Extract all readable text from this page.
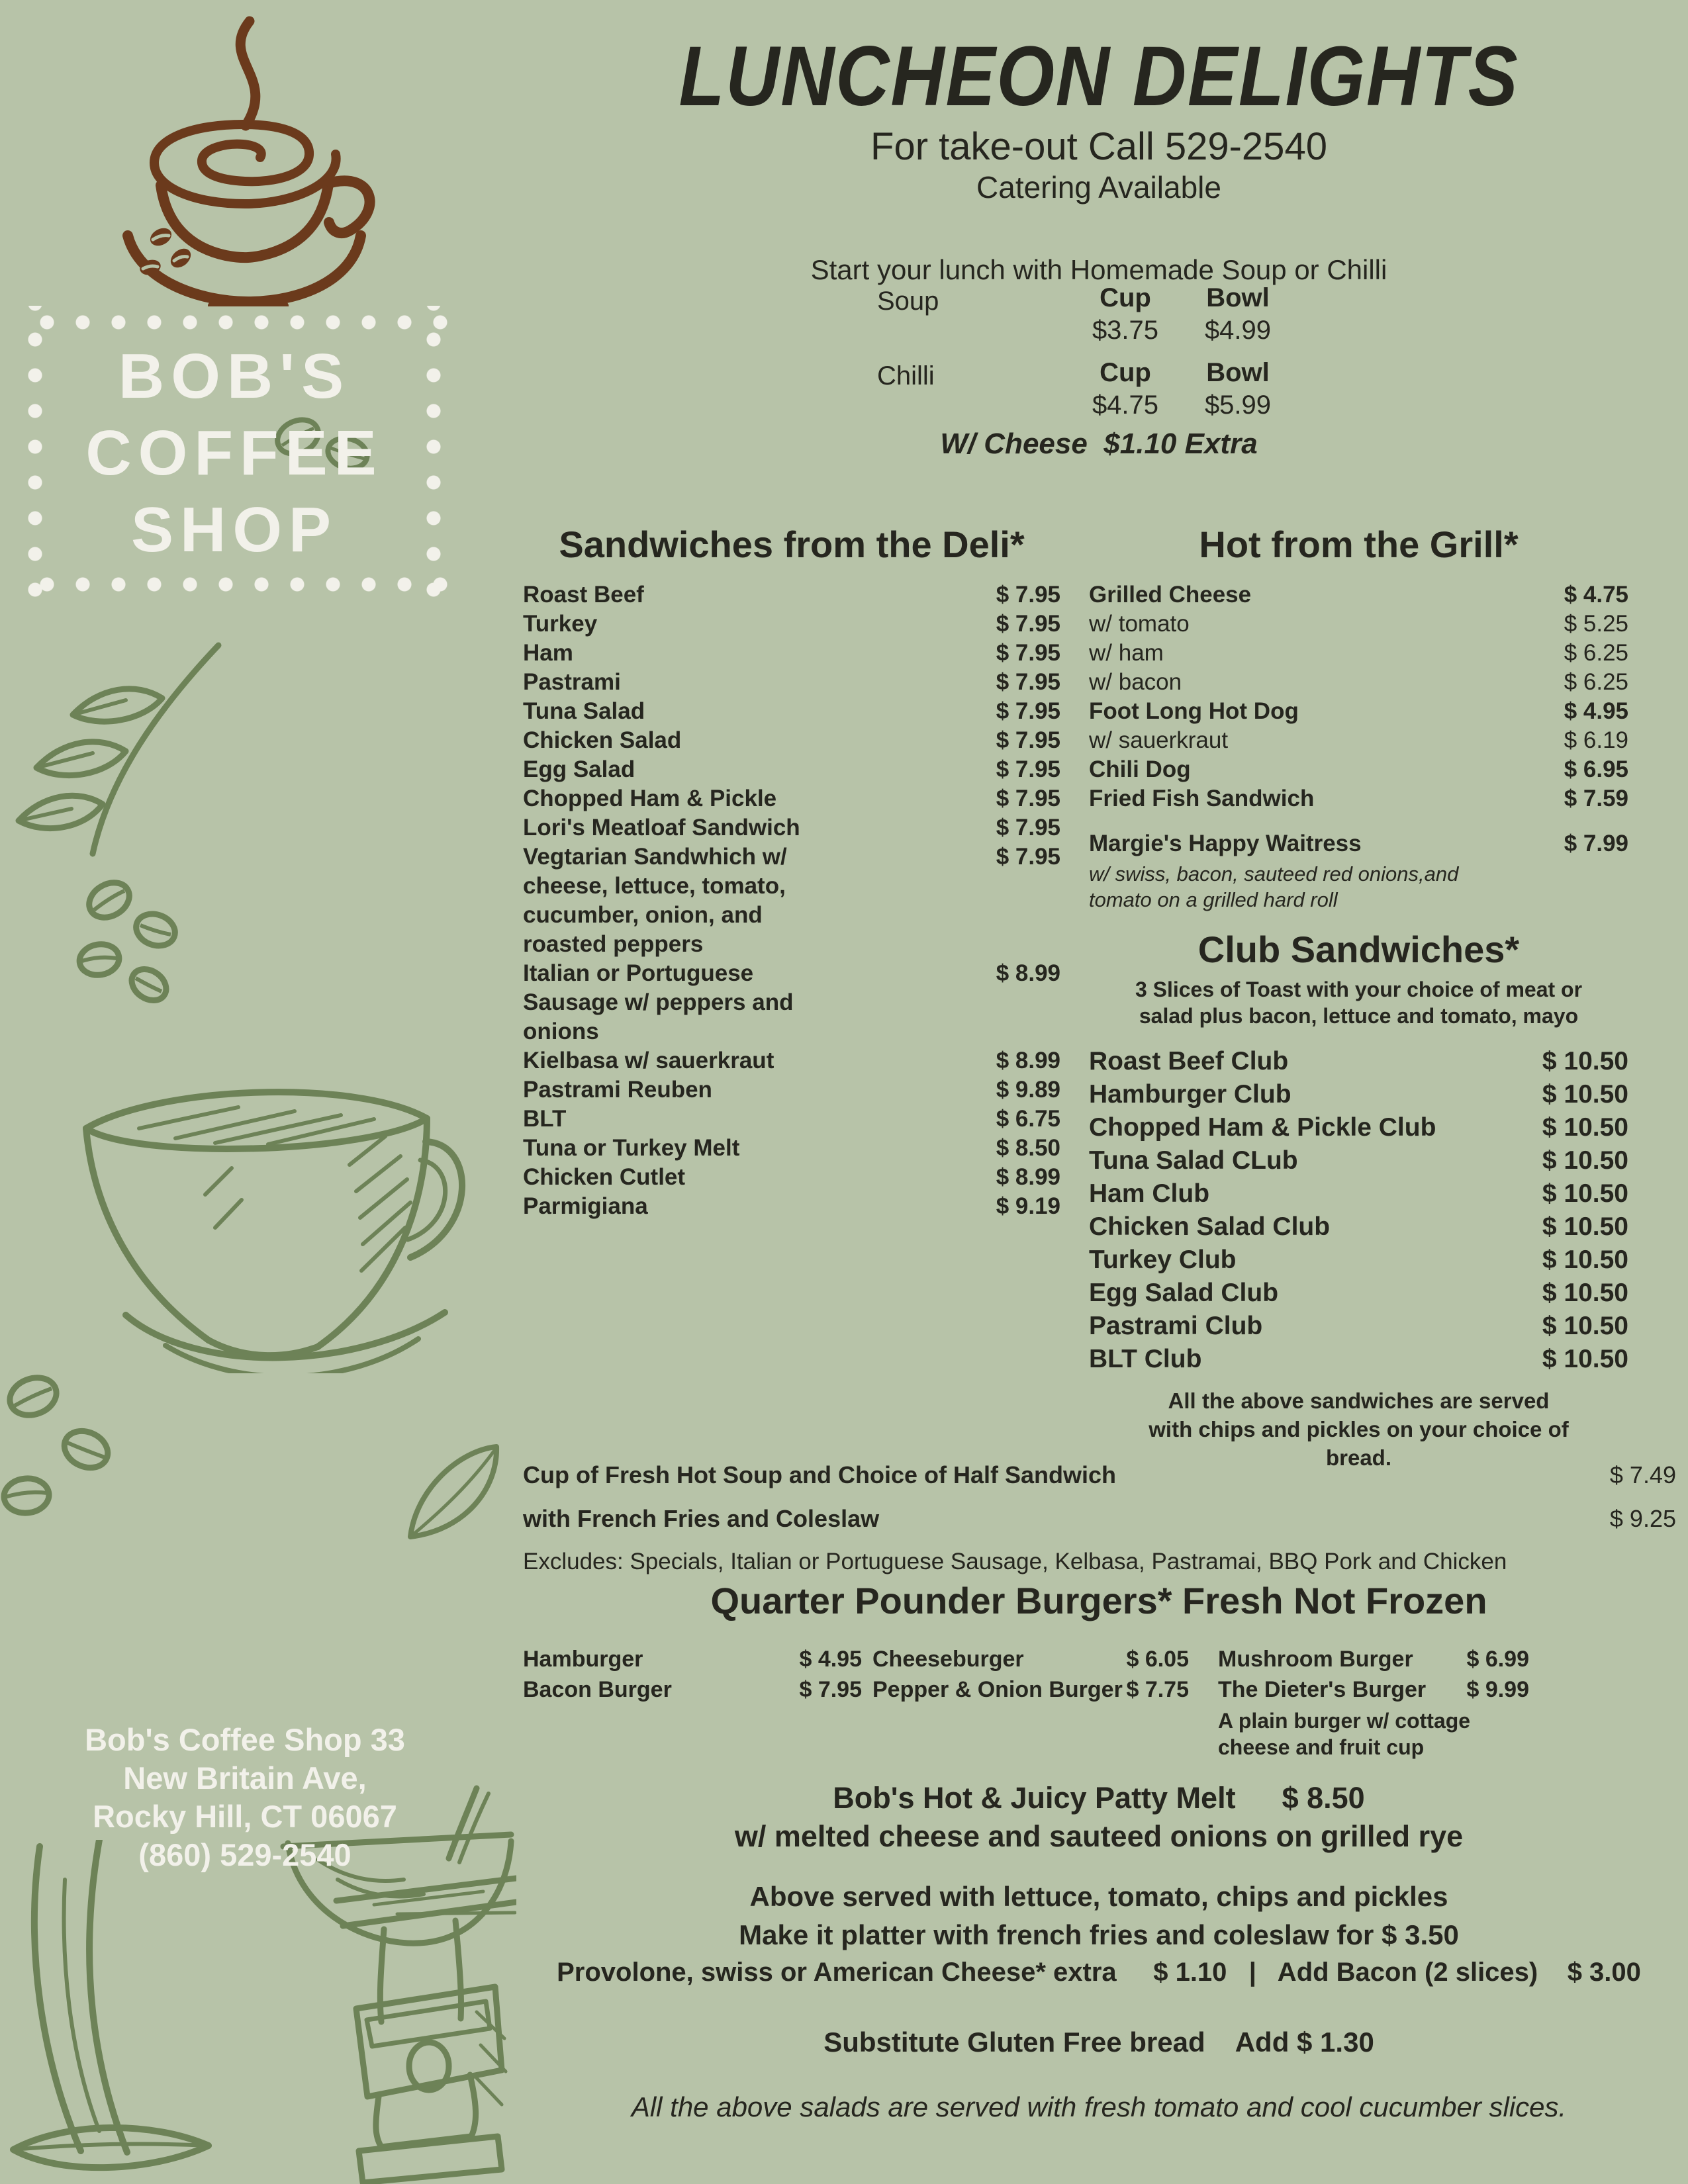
BOB'S
COFFEE
SHOP
Bob's Coffee Shop 33
New Britain Ave,
Rocky Hill, CT 06067
(860) 529-2540
LUNCHEON DELIGHTS
For take-out Call 529-2540
Catering Available
Start your lunch with Homemade Soup or Chilli
Soup	Cup	Bowl
$3.75	$4.99
Chilli	Cup	Bowl
$4.75	$5.99
W/ Cheese  $1.10 Extra
Sandwiches from the Deli*
Roast Beef	$ 7.95
Turkey	$ 7.95
Ham	$ 7.95
Pastrami	$ 7.95
Tuna Salad	$ 7.95
Chicken Salad	$ 7.95
Egg Salad	$ 7.95
Chopped Ham & Pickle	$ 7.95
Lori's Meatloaf Sandwich	$ 7.95
Vegtarian Sandwhich w/ cheese, lettuce, tomato, cucumber, onion, and roasted peppers
$ 7.95
Italian or Portuguese Sausage w/ peppers and onions
$ 8.99
Kielbasa w/ sauerkraut	$ 8.99
Pastrami Reuben	$ 9.89
BLT	$ 6.75
Tuna or Turkey Melt	$ 8.50
Chicken Cutlet	$ 8.99
Parmigiana	$ 9.19
Hot from the Grill*
Grilled Cheese	$ 4.75
w/ tomato	$ 5.25
w/ ham	$ 6.25
w/ bacon	$ 6.25
Foot Long Hot Dog	$ 4.95
w/ sauerkraut	$ 6.19
Chili Dog	$ 6.95
Fried Fish Sandwich	$ 7.59
Margie's Happy Waitress	$ 7.99
w/ swiss, bacon, sauteed red onions,and tomato on a grilled hard roll
Club Sandwiches*
3 Slices of Toast with your choice of meat or salad plus bacon, lettuce and tomato, mayo
Roast Beef Club	$ 10.50
Hamburger Club	$ 10.50
Chopped Ham & Pickle Club	$ 10.50
Tuna Salad CLub	$ 10.50
Ham Club	$ 10.50
Chicken Salad Club	$ 10.50
Turkey Club	$ 10.50
Egg Salad Club	$ 10.50
Pastrami Club	$ 10.50
BLT Club	$ 10.50
All the above sandwiches are served with chips and pickles on your choice of bread.
Cup of Fresh Hot Soup and Choice of Half Sandwich	$ 7.49
with French Fries and Coleslaw	$ 9.25
Excludes: Specials, Italian or Portuguese Sausage, Kelbasa, Pastramai, BBQ Pork and Chicken
Quarter Pounder Burgers* Fresh Not Frozen
Hamburger	$ 4.95
Bacon Burger	$ 7.95
Cheeseburger	$ 6.05
Pepper & Onion Burger $ 7.75
Mushroom Burger	$ 6.99
The Dieter's Burger	$ 9.99
A plain burger w/ cottage cheese and fruit cup
Bob's Hot & Juicy Patty Melt $ 8.50
w/ melted cheese and sauteed onions on grilled rye
Above served with lettuce, tomato, chips and pickles
Make it platter with french fries and coleslaw for $ 3.50
Provolone, swiss or American Cheese* extra     $ 1.10   |   Add Bacon (2 slices)    $ 3.00
Substitute Gluten Free bread    Add $ 1.30
All the above salads are served with fresh tomato and cool cucumber slices.
